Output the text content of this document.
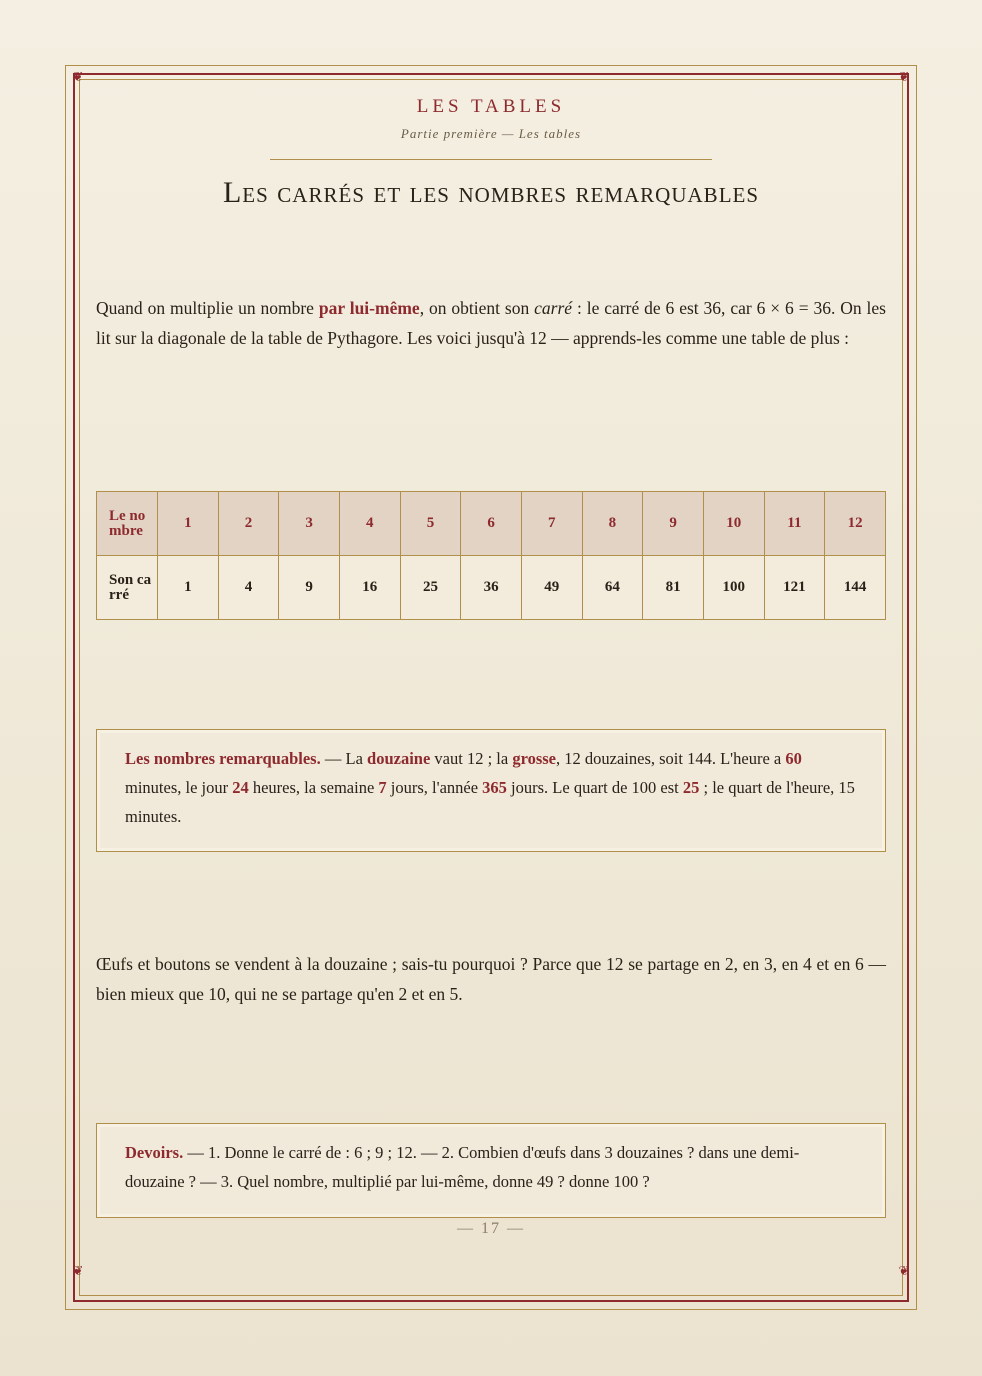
❦	❦
❦	❦
LES TABLES
Partie première — Les tables
Les carrés et les nombres remarquables

Quand on multiplie un nombre par lui-même, on obtient son carré : le carré de 6 est 36, car 6 × 6 = 36. On les lit sur la diagonale de la table de Pythagore. Les voici jusqu'à 12 — apprends-les comme une table de plus :

Le nombre	1	2	3	4	5	6	7	8	9	10	11	12
Son carré	1	4	9	16	25	36	49	64	81	100	121	144
Les nombres remarquables. — La douzaine vaut 12 ; la grosse, 12 douzaines, soit 144. L'heure a 60 minutes, le jour 24 heures, la semaine 7 jours, l'année 365 jours. Le quart de 100 est 25 ; le quart de l'heure, 15 minutes.

Œufs et boutons se vendent à la douzaine ; sais-tu pourquoi ? Parce que 12 se partage en 2, en 3, en 4 et en 6 — bien mieux que 10, qui ne se partage qu'en 2 et en 5.

Devoirs. — 1. Donne le carré de : 6 ; 9 ; 12. — 2. Combien d'œufs dans 3 douzaines ? dans une demi-douzaine ? — 3. Quel nombre, multiplié par lui-même, donne 49 ? donne 100 ?
— 17 —
